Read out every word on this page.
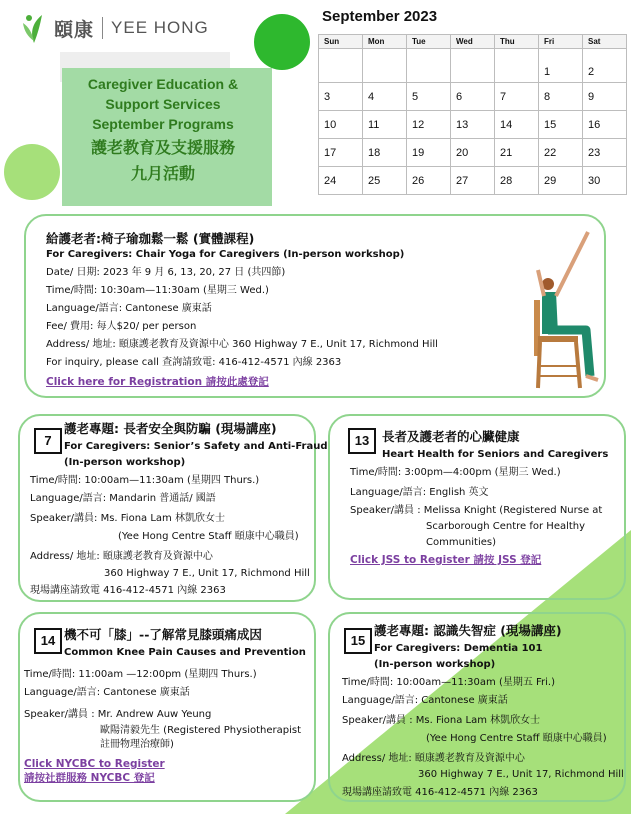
頤康 YEE HONG
Caregiver Education &
Support Services
September Programs
護老教育及支援服務
九月活動
September 2023
Sun	Mon	Tue	Wed	Thu	Fri	Sat
					1	2
3	4	5	6	7	8	9
10	11	12	13	14	15	16
17	18	19	20	21	22	23
24	25	26	27	28	29	30
給護老者:椅子瑜珈鬆一鬆 (實體課程)
For Caregivers: Chair Yoga for Caregivers (In-person workshop)
Date/ 日期: 2023 年 9 月 6, 13, 20, 27 日 (共四節)
Time/時間: 10:30am—11:30am (星期三 Wed.)
Language/語言: Cantonese 廣東話
Fee/ 費用: 每人$20/ per person
Address/ 地址: 頤康護老教育及資源中心 360 Highway 7 E., Unit 17, Richmond Hill
For inquiry, please call 查詢請致電: 416-412-4571 內線 2363
Click here for Registration 請按此處登記
7
護老專題: 長者安全與防騙 (現場講座)
For Caregivers: Senior’s Safety and Anti-Fraud
(In-person workshop)
Time/時間: 10:00am—11:30am (星期四 Thurs.)
Language/語言: Mandarin 普通話/ 國語
Speaker/講員: Ms. Fiona Lam 林凱欣女士
(Yee Hong Centre Staff 頤康中心職員)
Address/ 地址: 頤康護老教育及資源中心
360 Highway 7 E., Unit 17, Richmond Hill
現場講座請致電 416-412-4571 內線 2363
13	長者及護老者的心臟健康
Heart Health for Seniors and Caregivers
Time/時間: 3:00pm—4:00pm (星期三 Wed.)
Language/語言: English 英文
Speaker/講員 : Melissa Knight (Registered Nurse at
Scarborough Centre for Healthy
Communities)
Click JSS to Register 請按 JSS 登記
14 機不可「膝」--了解常見膝頭痛成因
Common Knee Pain Causes and Prevention
Time/時間: 11:00am —12:00pm (星期四 Thurs.)
Language/語言: Cantonese 廣東話
Speaker/講員 : Mr. Andrew Auw Yeung
歐陽清毅先生 (Registered Physiotherapist
註冊物理治療師)
Click NYCBC to Register
請按社群服務 NYCBC 登記
15
護老專題: 認識失智症 (現場講座)
For Caregivers: Dementia 101
(In-person workshop)
Time/時間: 10:00am—11:30am (星期五 Fri.)
Language/語言: Cantonese 廣東話
Speaker/講員 : Ms. Fiona Lam 林凱欣女士
(Yee Hong Centre Staff 頤康中心職員)
Address/ 地址: 頤康護老教育及資源中心
360 Highway 7 E., Unit 17, Richmond Hill
現場講座請致電 416-412-4571 內線 2363
